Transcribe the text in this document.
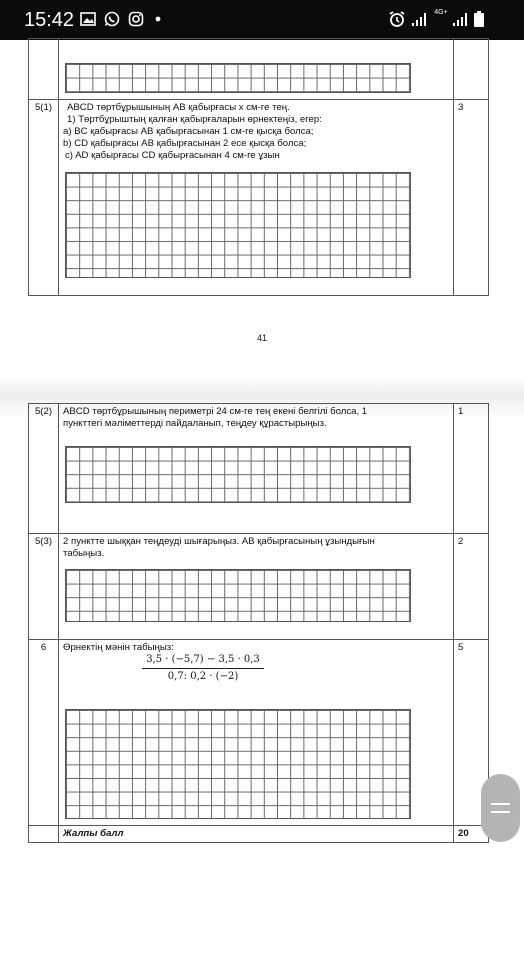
15:42	4G+

5(1)	ABCD төртбұрышының AB қабырғасы х см-ге тең.
1) Төртбұрыштың қалған қабырғаларын өрнектеңіз, егер:
a) BC қабырғасы AB қабырғасынан 1 см-ге қысқа болса;
b) CD қабырғасы AB қабырғасынан 2 есе қысқа болса;
c) AD қабырғасы CD қабырғасынан 4 см-ге ұзын	3
41
5(2)	ABCD төртбұрышының периметрі 24 см-ге тең екені белгілі болса, 1
пункттегі мәліметтерді пайдаланып, теңдеу құрастырыңыз.	1
5(3)	2 пунктте шыққан теңдеуді шығарыңыз. AB қабырғасының ұзындығын
табыңыз.	2
6	Өрнектің мәнін табыңыз:
3,5 · (−5,7) − 3,5 · 0,3
0,7: 0,2 · (−2)	5
	Жалпы балл	20
